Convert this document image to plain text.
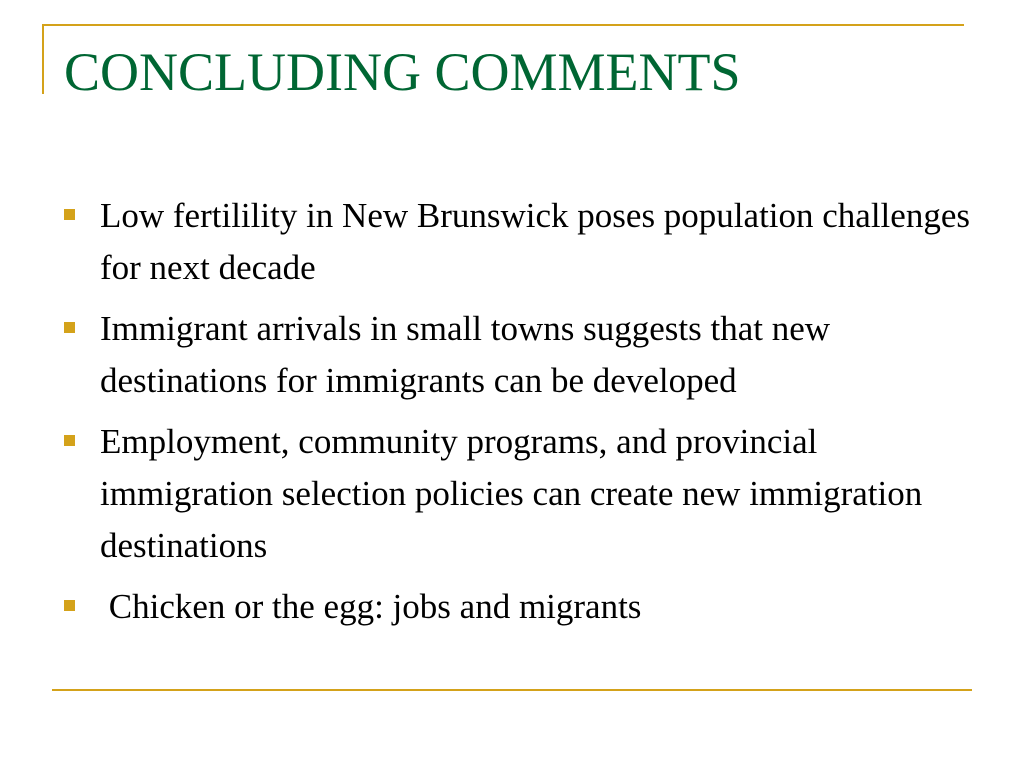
CONCLUDING COMMENTS
Low fertilility in New Brunswick poses population challenges for next decade
Immigrant arrivals in small towns suggests that new destinations for immigrants can be developed
Employment, community programs, and provincial immigration selection policies can create new immigration destinations
Chicken or the egg: jobs and migrants
